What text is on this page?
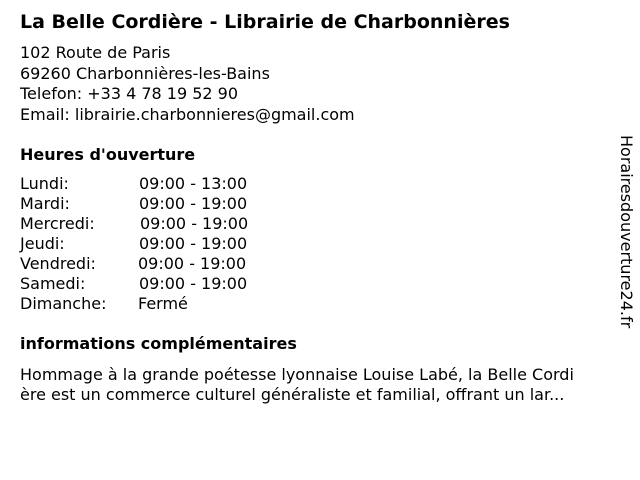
La Belle Cordière - Librairie de Charbonnières
102 Route de Paris
69260 Charbonnières-les-Bains
Telefon: +33 4 78 19 52 90
Email: librairie.charbonnieres@gmail.com
Heures d'ouverture
Lundi:	09:00 - 13:00
Mardi:	09:00 - 19:00
Mercredi:	09:00 - 19:00
Jeudi:	09:00 - 19:00
Vendredi:	09:00 - 19:00
Samedi:	09:00 - 19:00
Dimanche: Fermé
informations complémentaires
Hommage à la grande poétesse lyonnaise Louise Labé, la Belle Cordi
ère est un commerce culturel généraliste et familial, offrant un lar...
Horairesdouverture24.fr
